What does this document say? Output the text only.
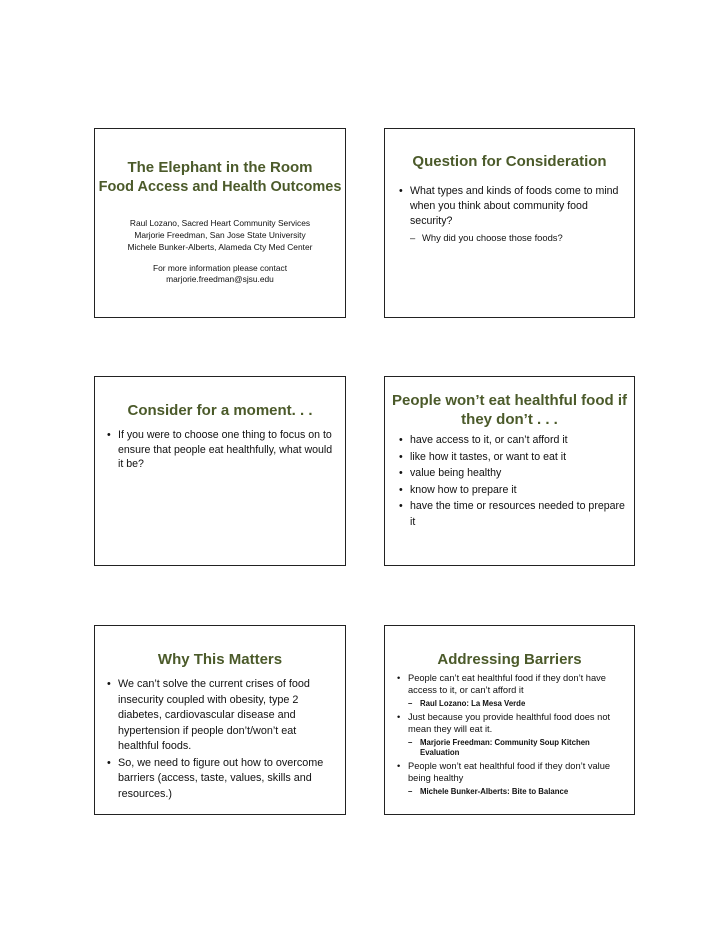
The Elephant in the Room
Food Access and Health Outcomes
Raul Lozano, Sacred Heart Community Services
Marjorie Freedman, San Jose State University
Michele Bunker-Alberts, Alameda Cty Med Center
For more information please contact
marjorie.freedman@sjsu.edu
Question for Consideration
• What types and kinds of foods come to mind when you think about community food security?
– Why did you choose those foods?
Consider for a moment. . .
• If you were to choose one thing to focus on to ensure that people eat healthfully, what would it be?
People won’t eat healthful food if they don’t . . .
• have access to it, or can’t afford it
• like how it tastes, or want to eat it
• value being healthy
• know how to prepare it
• have the time or resources needed to prepare it
Why This Matters
• We can’t solve the current crises of food insecurity coupled with obesity, type 2 diabetes, cardiovascular disease and hypertension if people don’t/won’t eat healthful foods.
• So, we need to figure out how to overcome barriers (access, taste, values, skills and resources.)
Addressing Barriers
• People can’t eat healthful food if they don’t have access to it, or can’t afford it
– Raul Lozano: La Mesa Verde
• Just because you provide healthful food does not mean they will eat it.
– Marjorie Freedman: Community Soup Kitchen Evaluation
• People won’t eat healthful food if they don’t value being healthy
– Michele Bunker-Alberts: Bite to Balance
